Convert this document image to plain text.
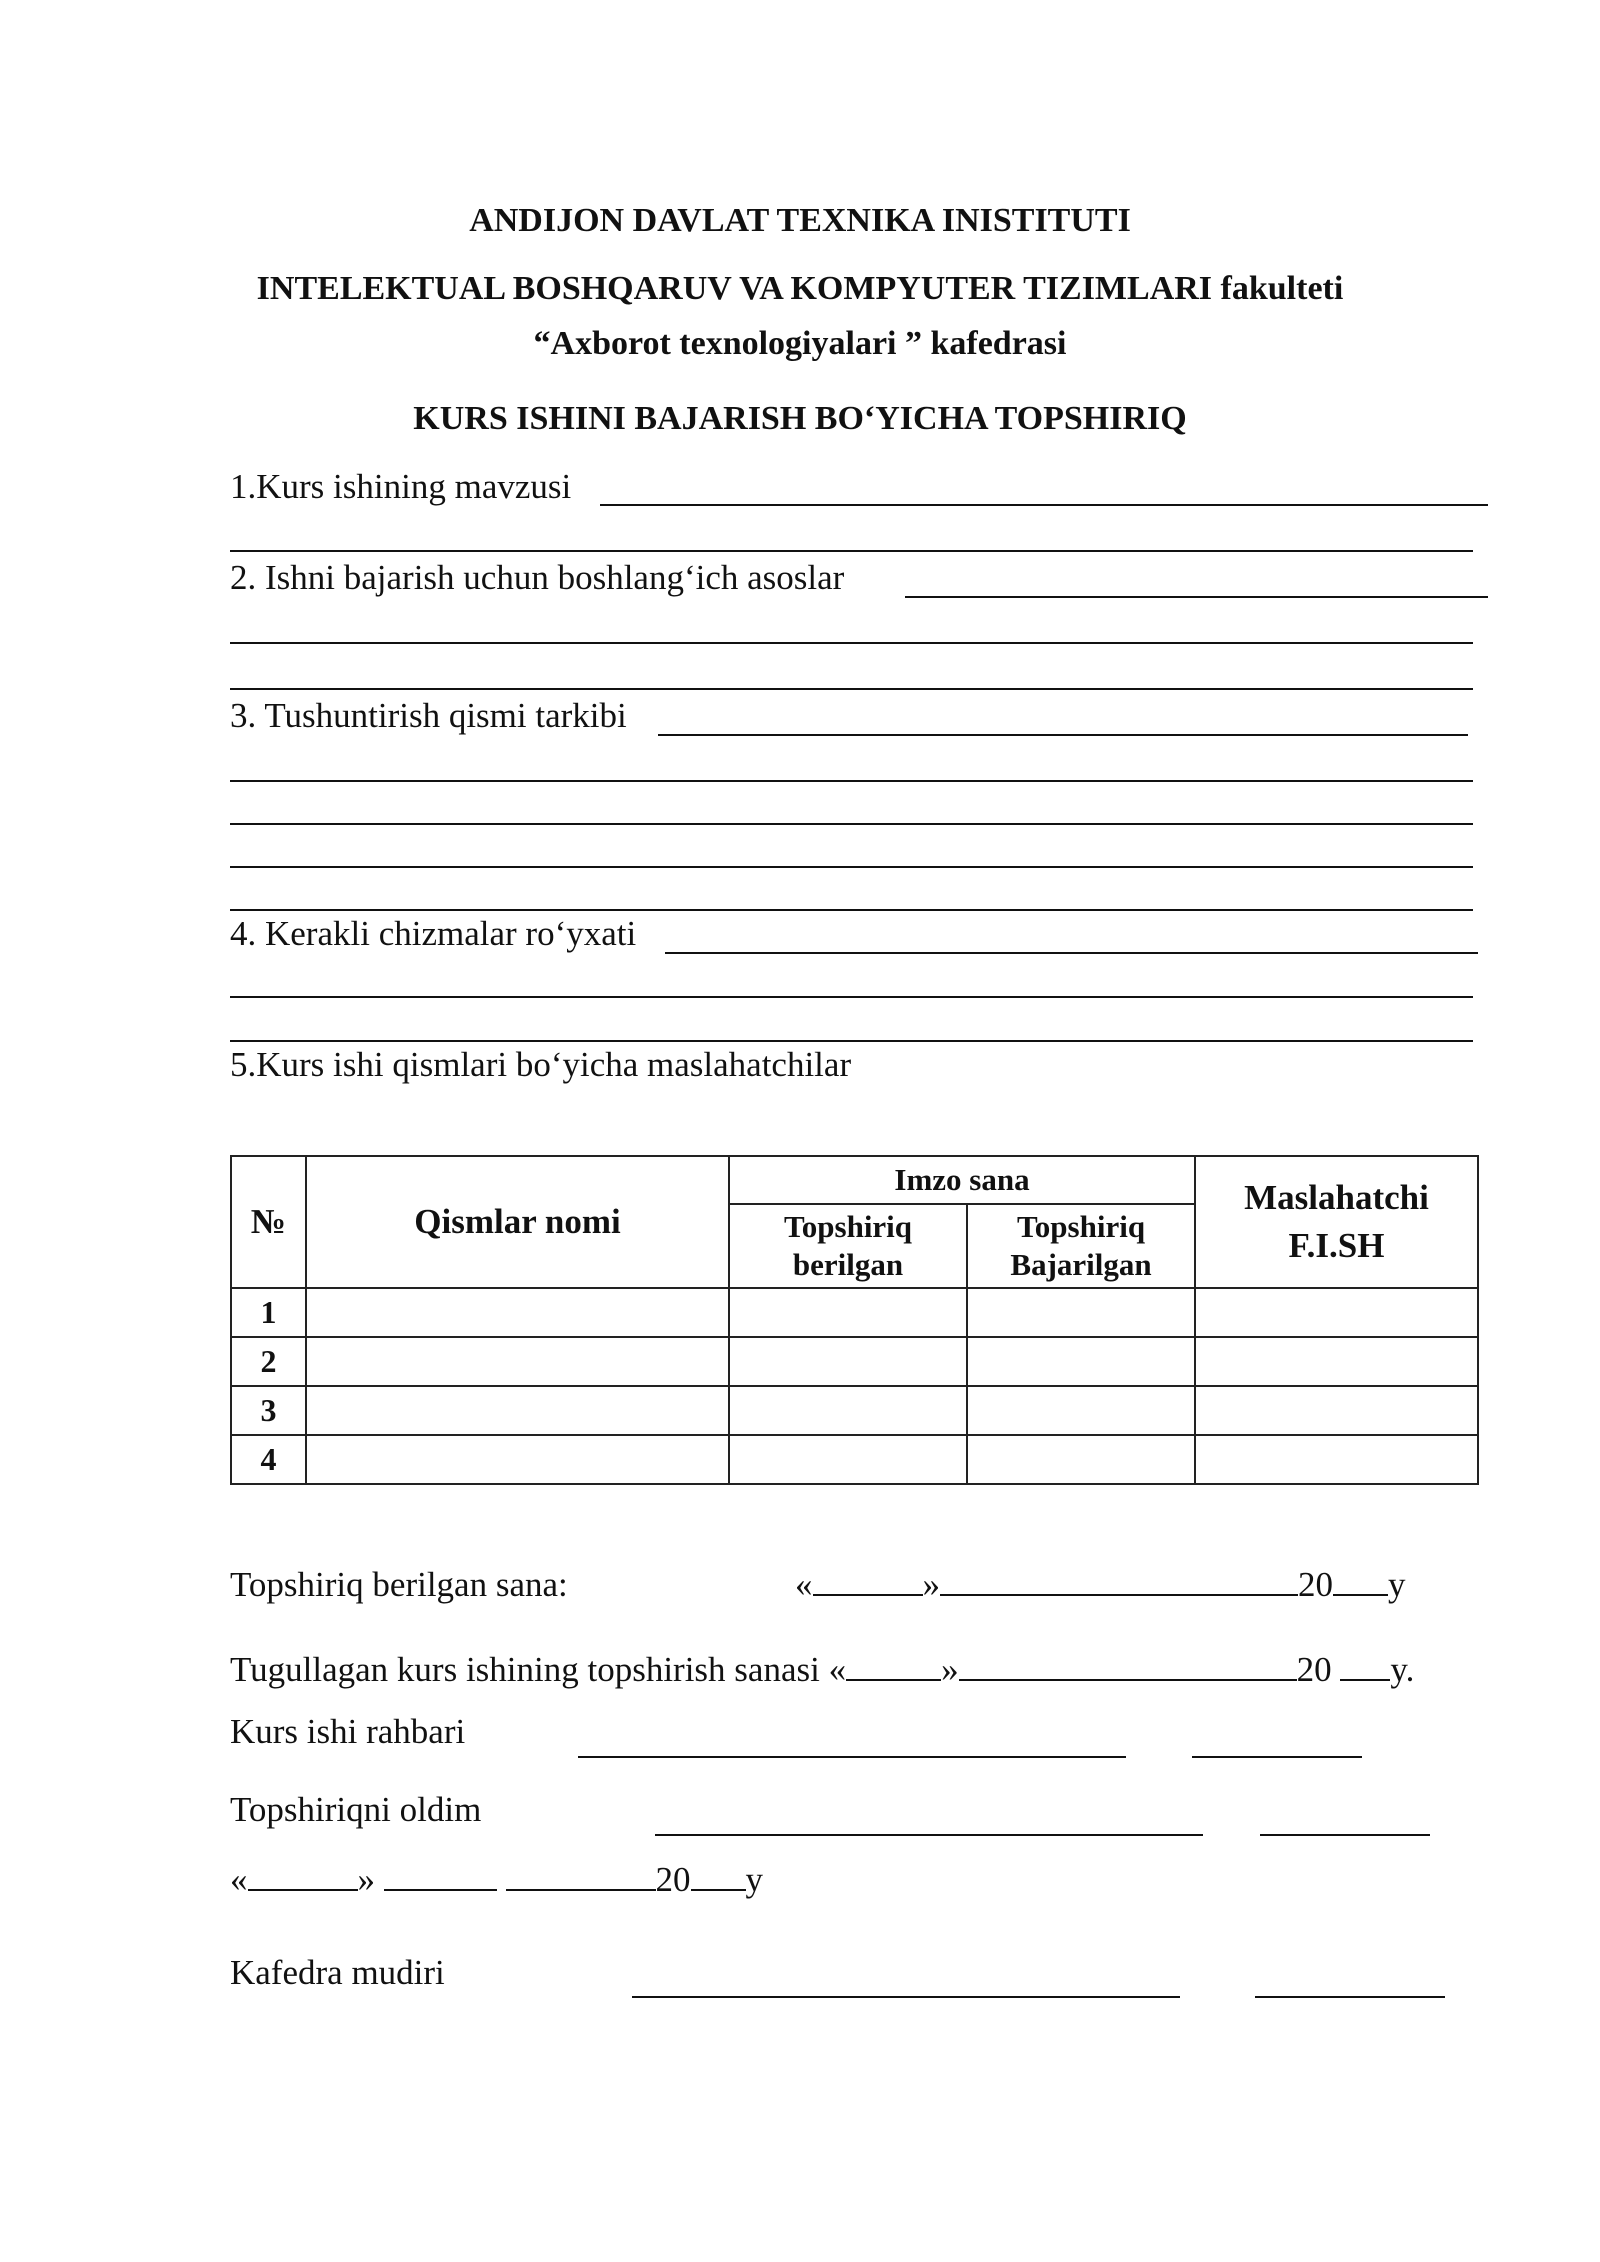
ANDIJON DAVLAT TEXNIKA INISTITUTI
INTELEKTUAL BOSHQARUV VA KOMPYUTER TIZIMLARI fakulteti
“Axborot texnologiyalari ” kafedrasi
KURS ISHINI BAJARISH BO‘YICHA TOPSHIRIQ
1.Kurs ishining mavzusi
2. Ishni bajarish uchun boshlang‘ich asoslar
3. Tushuntirish qismi tarkibi
4. Kerakli chizmalar ro‘yxati
5.Kurs ishi qismlari bo‘yicha maslahatchilar
№	Qismlar nomi	Imzo sana		Maslahatchi F.I.SH
		Topshiriq berilgan	Topshiriq Bajarilgan	
1				
2				
3				
4				
Topshiriq berilgan sana:	«	»	20 y
Tugullagan kurs ishining topshirish sanasi «	»	20 y.
Kurs ishi rahbari
Topshiriqni oldim
«	»	20 y
Kafedra mudiri
